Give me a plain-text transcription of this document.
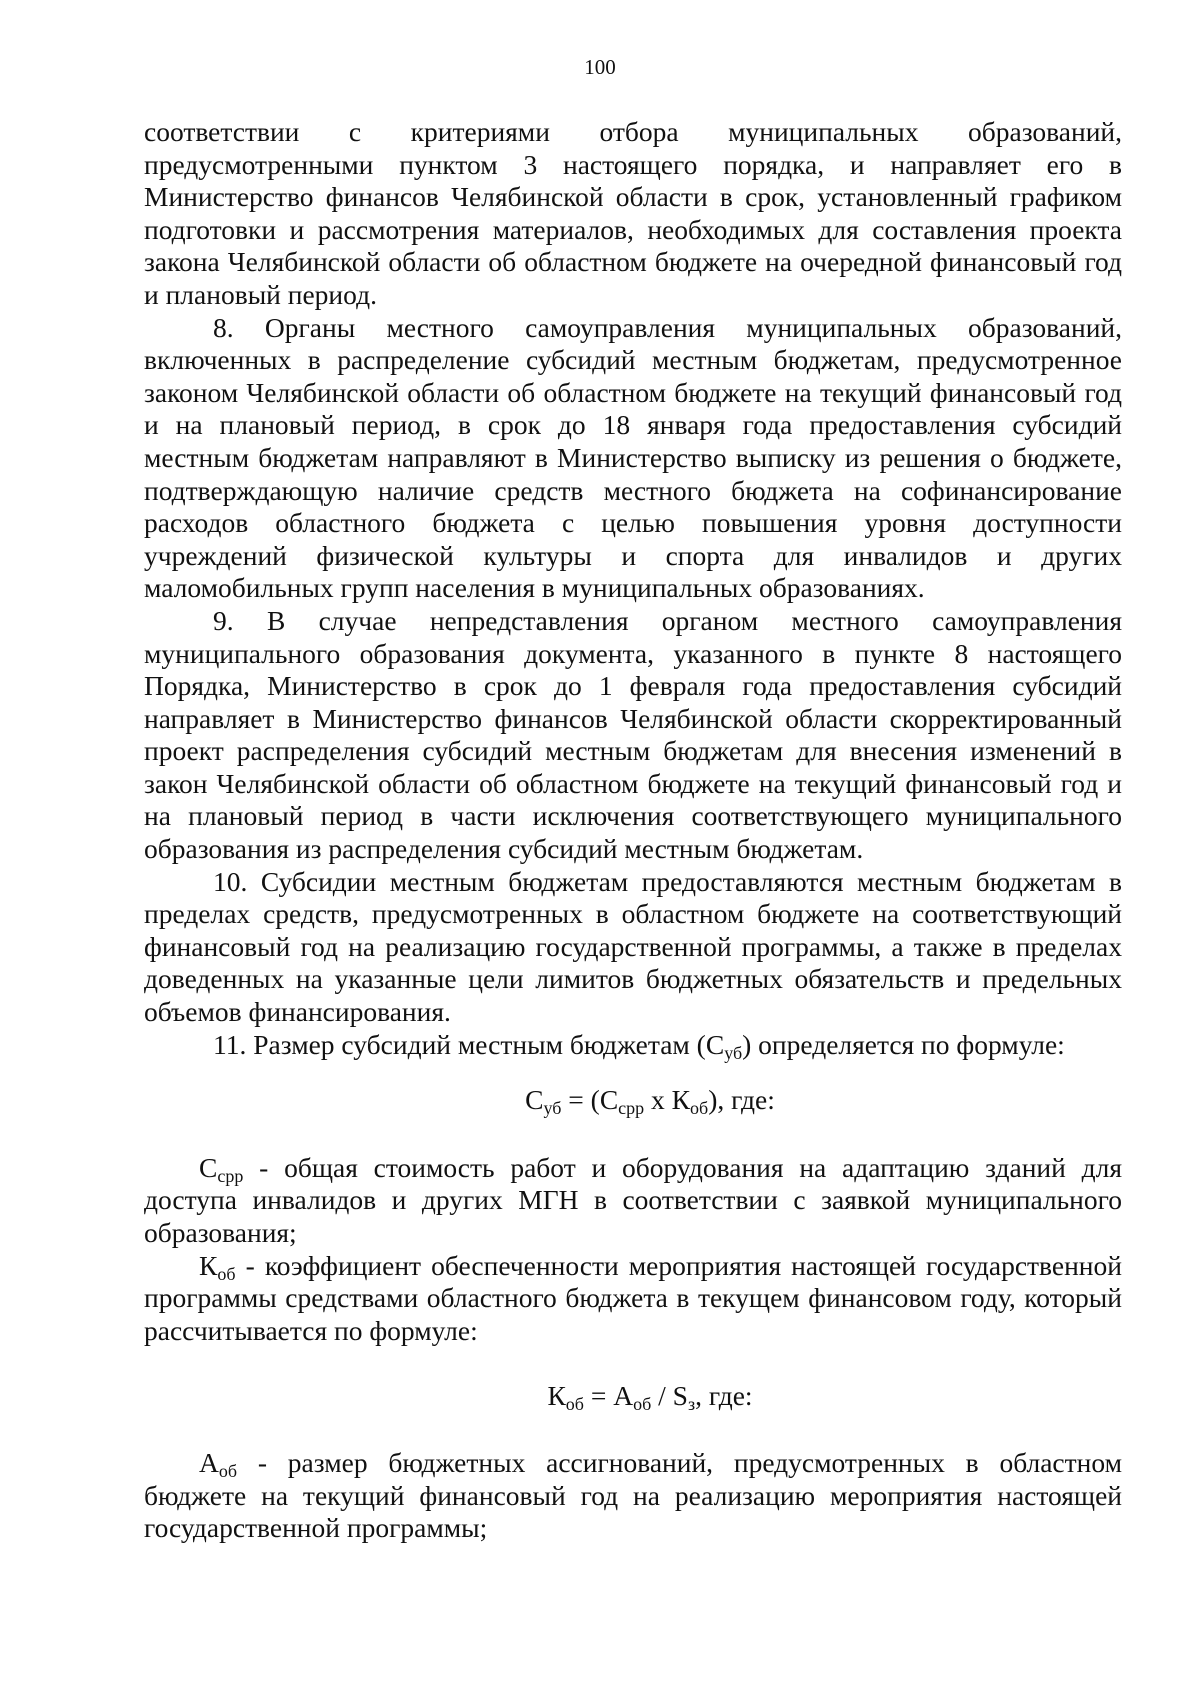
100

соответствии с критериями отбора муниципальных образований, предусмотренными пунктом 3 настоящего порядка, и направляет его в Министерство финансов Челябинской области в срок, установленный графиком подготовки и рассмотрения материалов, необходимых для составления проекта закона Челябинской области об областном бюджете на очередной финансовый год и плановый период.

8. Органы местного самоуправления муниципальных образований, включенных в распределение субсидий местным бюджетам, предусмотренное законом Челябинской области об областном бюджете на текущий финансовый год и на плановый период, в срок до 18 января года предоставления субсидий местным бюджетам направляют в Министерство выписку из решения о бюджете, подтверждающую наличие средств местного бюджета на софинансирование расходов областного бюджета с целью повышения уровня доступности учреждений физической культуры и спорта для инвалидов и других маломобильных групп населения в муниципальных образованиях.

9. В случае непредставления органом местного самоуправления муниципального образования документа, указанного в пункте 8 настоящего Порядка, Министерство в срок до 1 февраля года предоставления субсидий направляет в Министерство финансов Челябинской области скорректированный проект распределения субсидий местным бюджетам для внесения изменений в закон Челябинской области об областном бюджете на текущий финансовый год и на плановый период в части исключения соответствующего муниципального образования из распределения субсидий местным бюджетам.

10. Субсидии местным бюджетам предоставляются местным бюджетам в пределах средств, предусмотренных в областном бюджете на соответствующий финансовый год на реализацию государственной программы, а также в пределах доведенных на указанные цели лимитов бюджетных обязательств и предельных объемов финансирования.

11. Размер субсидий местным бюджетам $(С_{уб})$ определяется по формуле:

$С_{уб} = (С_{срр}$ х $К_{об}$), где:

$С_{срр}$ - общая стоимость работ и оборудования на адаптацию зданий для доступа инвалидов и других МГН в соответствии с заявкой муниципального образования;

$К_{об}$ - коэффициент обеспеченности мероприятия настоящей государственной программы средствами областного бюджета в текущем финансовом году, который рассчитывается по формуле:

$К_{об} = А_{об} / S_з$, где:

$А_{об}$ - размер бюджетных ассигнований, предусмотренных в областном бюджете на текущий финансовый год на реализацию мероприятия настоящей государственной программы;
